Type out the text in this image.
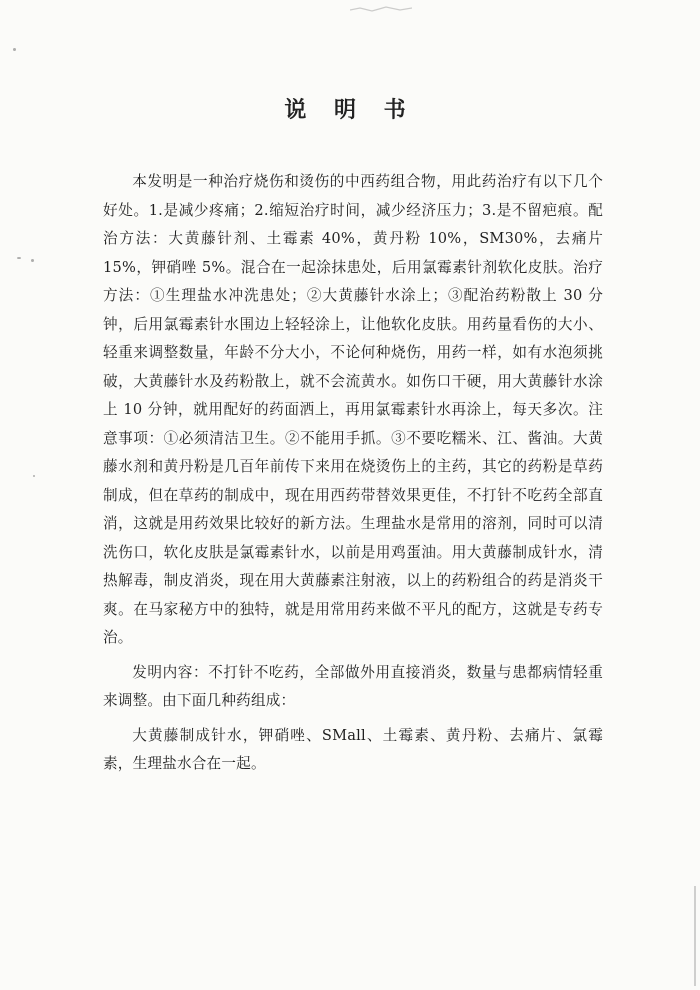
说 明 书

本发明是一种治疗烧伤和烫伤的中西药组合物，用此药治疗有以下几个好处。1.是减少疼痛；2.缩短治疗时间，减少经济压力；3.是不留疤痕。配治方法：大黄藤针剂、土霉素 40%，黄丹粉 10%，SM30%，去痛片 15%，钾硝唑 5%。混合在一起涂抹患处，后用氯霉素针剂软化皮肤。治疗方法：①生理盐水冲洗患处；②大黄藤针水涂上；③配治药粉散上 30 分钟，后用氯霉素针水围边上轻轻涂上，让他软化皮肤。用药量看伤的大小、轻重来调整数量，年龄不分大小，不论何种烧伤，用药一样，如有水泡须挑破，大黄藤针水及药粉散上，就不会流黄水。如伤口干硬，用大黄藤针水涂上 10 分钟，就用配好的药面洒上，再用氯霉素针水再涂上，每天多次。注意事项：①必须清洁卫生。②不能用手抓。③不要吃糯米、江、酱油。大黄藤水剂和黄丹粉是几百年前传下来用在烧烫伤上的主药，其它的药粉是草药制成，但在草药的制成中，现在用西药带替效果更佳，不打针不吃药全部直消，这就是用药效果比较好的新方法。生理盐水是常用的溶剂，同时可以清洗伤口，软化皮肤是氯霉素针水，以前是用鸡蛋油。用大黄藤制成针水，清热解毒，制皮消炎，现在用大黄藤素注射液，以上的药粉组合的药是消炎干爽。在马家秘方中的独特，就是用常用药来做不平凡的配方，这就是专药专治。

发明内容：不打针不吃药，全部做外用直接消炎，数量与患都病情轻重来调整。由下面几种药组成：

大黄藤制成针水，钾硝唑、SMall、土霉素、黄丹粉、去痛片、氯霉素，生理盐水合在一起。
